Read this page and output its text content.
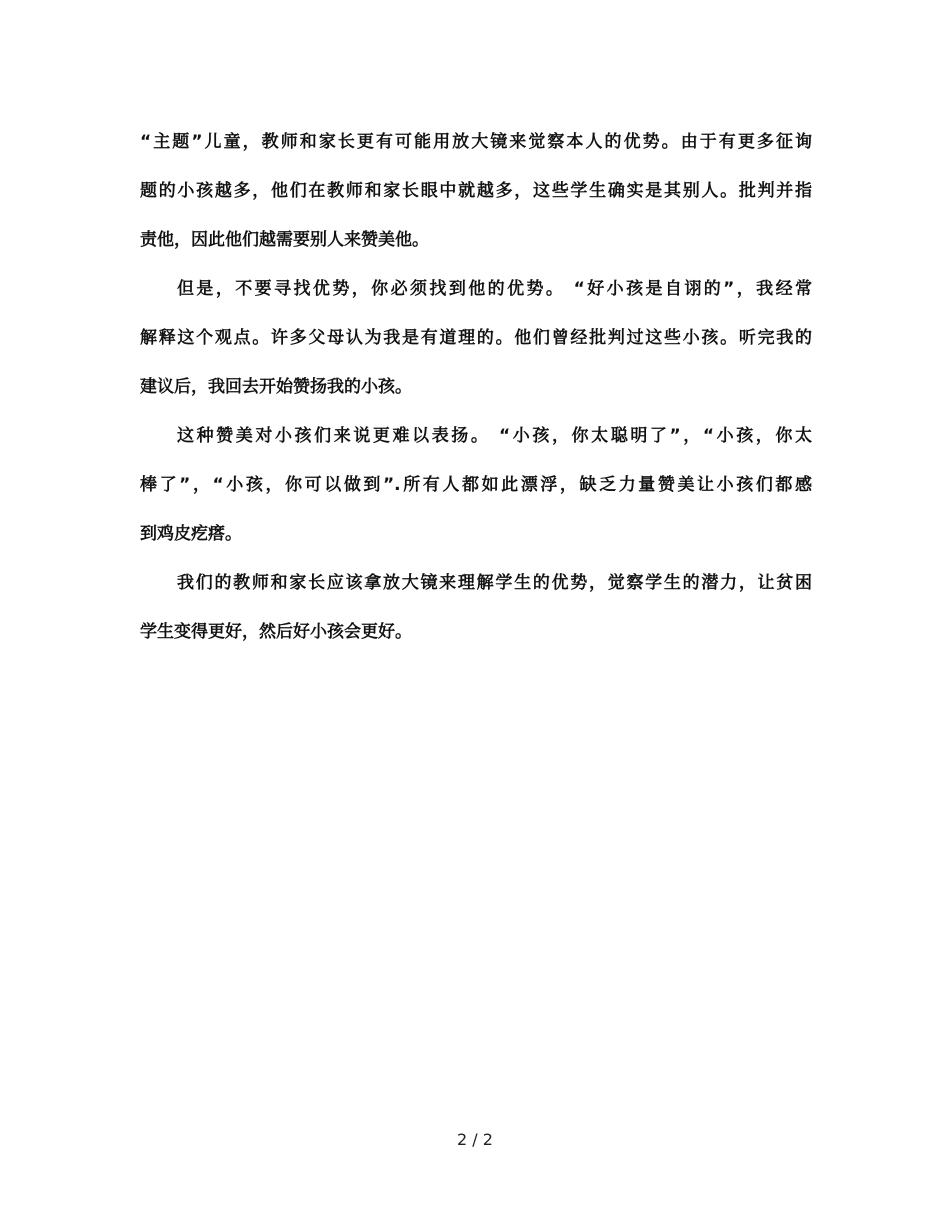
“主题”儿童，教师和家长更有可能用放大镜来觉察本人的优势。由于有更多征询
题的小孩越多，他们在教师和家长眼中就越多，这些学生确实是其别人。批判并指
责他，因此他们越需要别人来赞美他。
但是，不要寻找优势，你必须找到他的优势。 “好小孩是自诩的”，我经常
解释这个观点。许多父母认为我是有道理的。他们曾经批判过这些小孩。听完我的
建议后，我回去开始赞扬我的小孩。
这种赞美对小孩们来说更难以表扬。 “小孩，你太聪明了”，“小孩，你太
棒了”，“小孩，你可以做到”.所有人都如此漂浮，缺乏力量赞美让小孩们都感
到鸡皮疙瘩。
我们的教师和家长应该拿放大镜来理解学生的优势，觉察学生的潜力，让贫困
学生变得更好，然后好小孩会更好。
2 / 2
